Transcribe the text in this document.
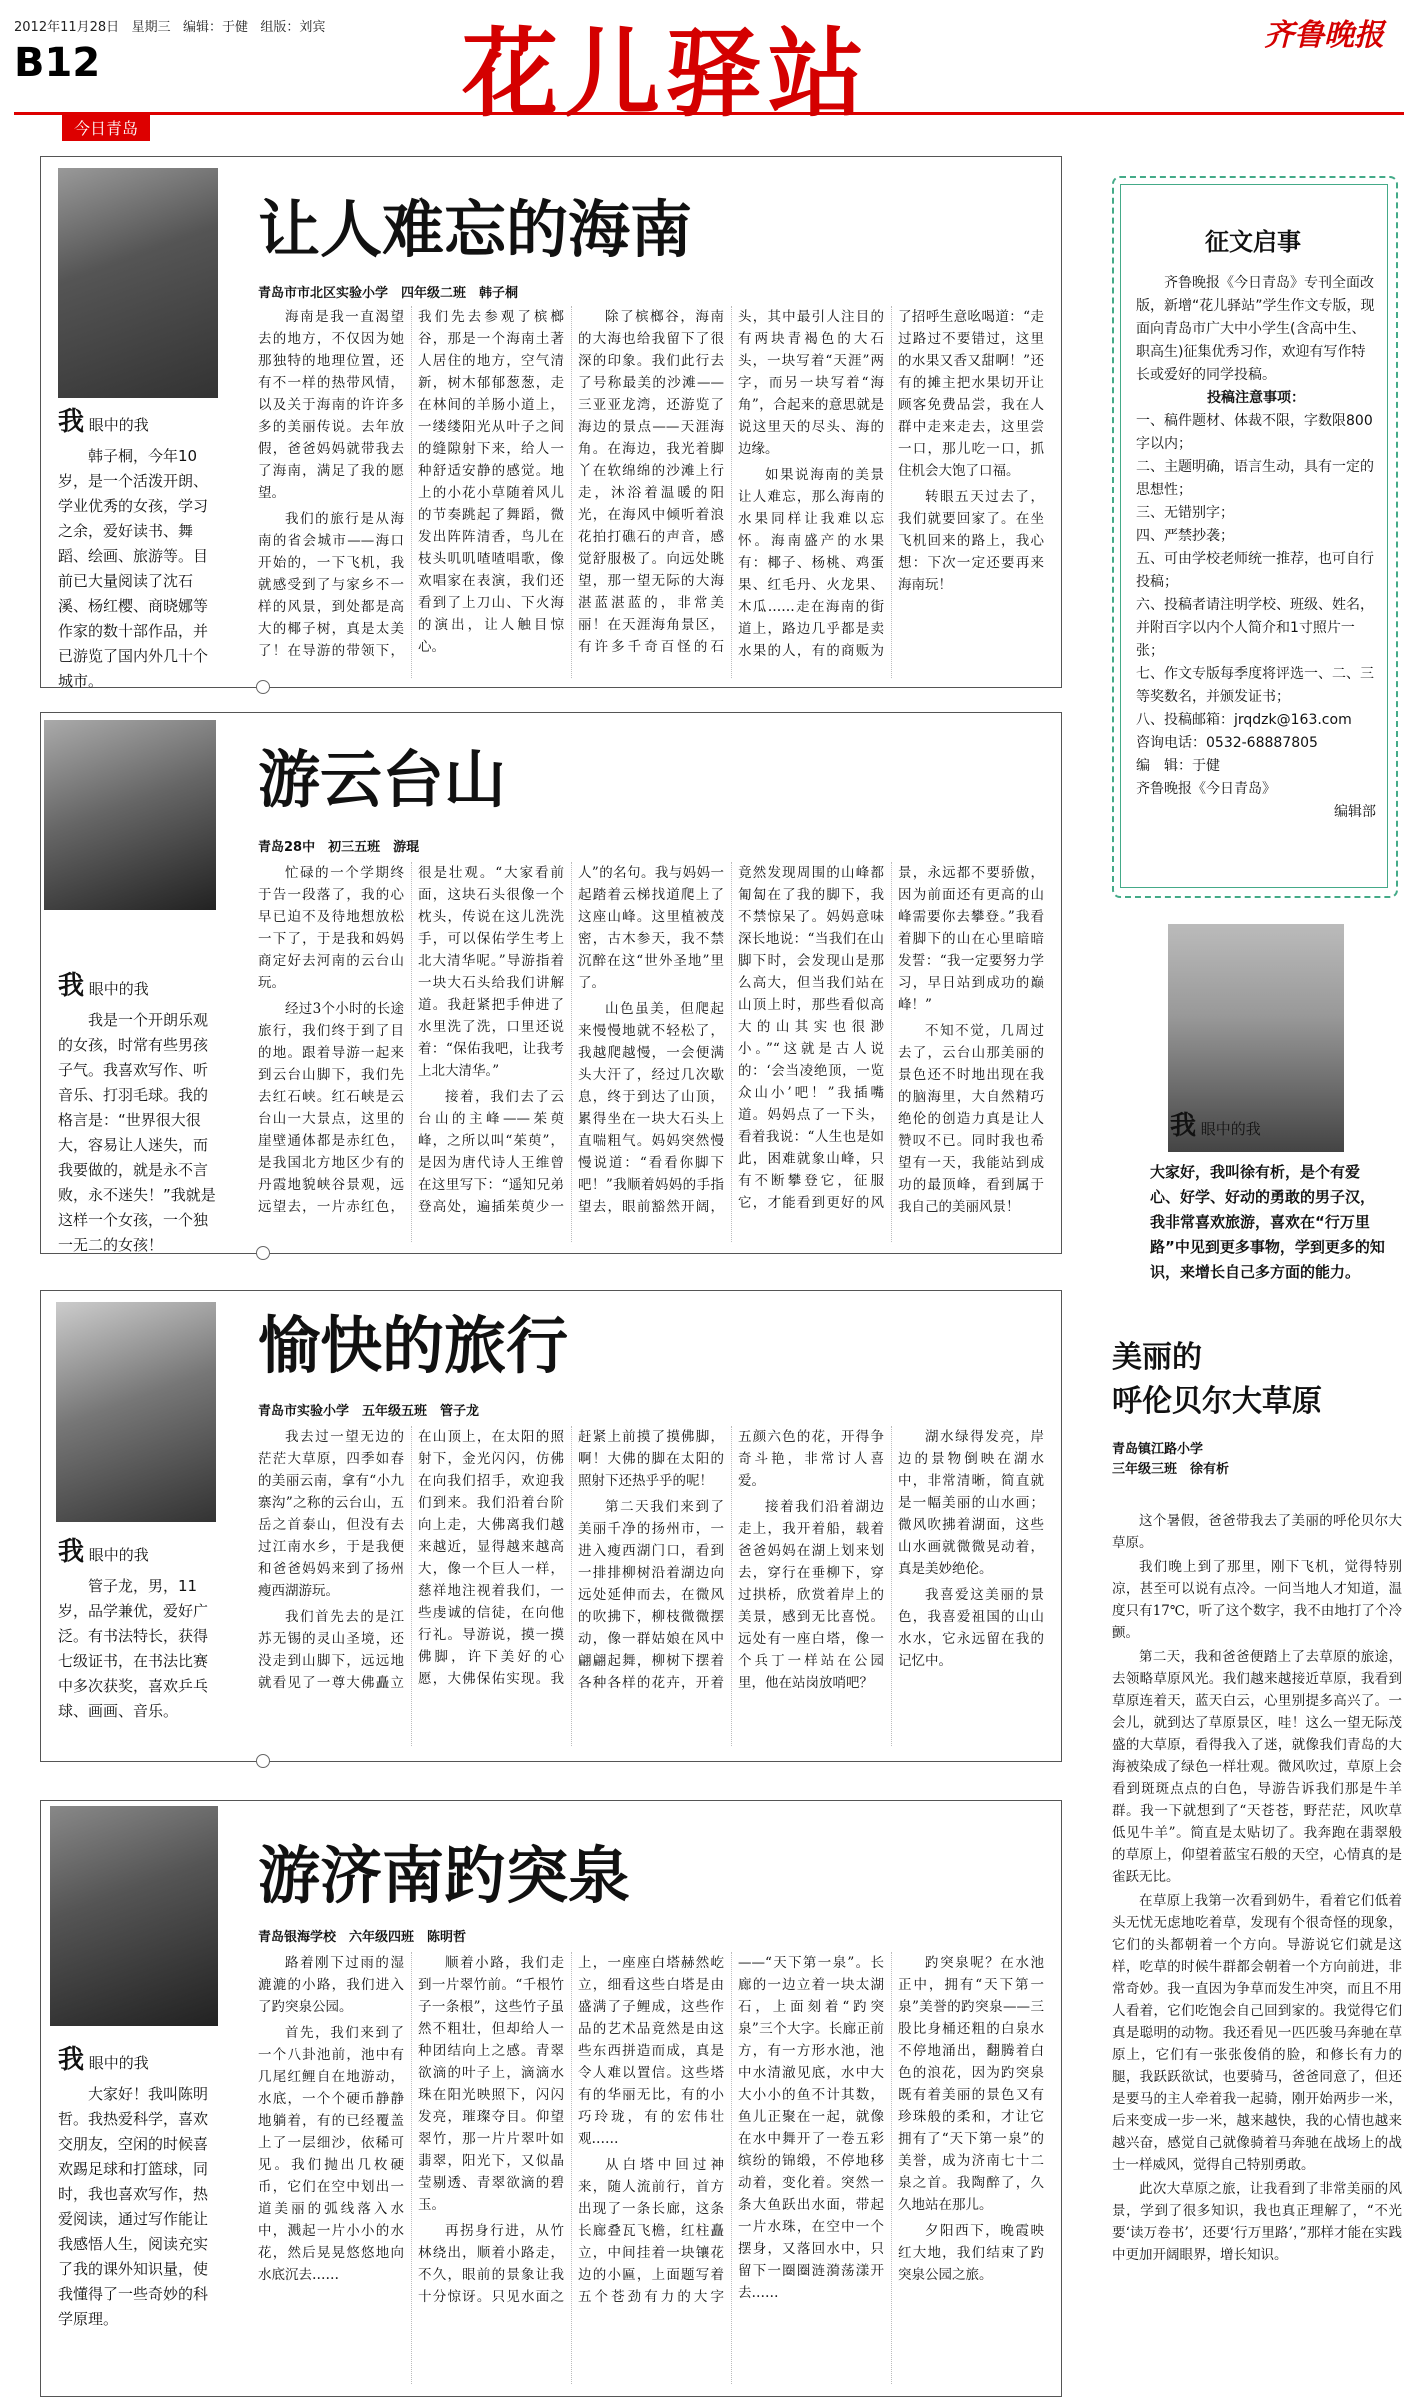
2012年11月28日 星期三 编辑：于健 组版：刘宾
B12
今日青岛	花儿驿站	齐鲁晚报
我 眼中的我
韩子桐，今年10岁，是一个活泼开朗、学业优秀的女孩，学习之余，爱好读书、舞蹈、绘画、旅游等。目前已大量阅读了沈石溪、杨红樱、商晓娜等作家的数十部作品，并已游览了国内外几十个城市。
让人难忘的海南
青岛市市北区实验小学　四年级二班　韩子桐

海南是我一直渴望去的地方，不仅因为她那独特的地理位置，还有不一样的热带风情，以及关于海南的许许多多的美丽传说。去年放假，爸爸妈妈就带我去了海南，满足了我的愿望。

我们的旅行是从海南的省会城市——海口开始的，一下飞机，我就感受到了与家乡不一样的风景，到处都是高大的椰子树，真是太美了！在导游的带领下，我们先去参观了槟榔谷，那是一个海南土著人居住的地方，空气清新，树木郁郁葱葱，走在林间的羊肠小道上，一缕缕阳光从叶子之间的缝隙射下来，给人一种舒适安静的感觉。地上的小花小草随着风儿的节奏跳起了舞蹈，微发出阵阵清香，鸟儿在枝头叽叽喳喳唱歌，像欢唱家在表演，我们还看到了上刀山、下火海的演出，让人触目惊心。

除了槟榔谷，海南的大海也给我留下了很深的印象。我们此行去了号称最美的沙滩——三亚亚龙湾，还游览了海边的景点——天涯海角。在海边，我光着脚丫在软绵绵的沙滩上行走，沐浴着温暖的阳光，在海风中倾听着浪花拍打礁石的声音，感觉舒服极了。向远处眺望，那一望无际的大海湛蓝湛蓝的，非常美丽！在天涯海角景区，有许多千奇百怪的石头，其中最引人注目的有两块青褐色的大石头，一块写着“天涯”两字，而另一块写着“海角”，合起来的意思就是说这里天的尽头、海的边缘。

如果说海南的美景让人难忘，那么海南的水果同样让我难以忘怀。海南盛产的水果有：椰子、杨桃、鸡蛋果、红毛丹、火龙果、木瓜……走在海南的街道上，路边几乎都是卖水果的人，有的商贩为了招呼生意吆喝道：“走过路过不要错过，这里的水果又香又甜啊！”还有的摊主把水果切开让顾客免费品尝，我在人群中走来走去，这里尝一口，那儿吃一口，抓住机会大饱了口福。

转眼五天过去了，我们就要回家了。在坐飞机回来的路上，我心想：下次一定还要再来海南玩！

我 眼中的我
我是一个开朗乐观的女孩，时常有些男孩子气。我喜欢写作、听音乐、打羽毛球。我的格言是：“世界很大很大，容易让人迷失，而我要做的，就是永不言败，永不迷失！”我就是这样一个女孩，一个独一无二的女孩！
游云台山
青岛28中　初三五班　游琨

忙碌的一个学期终于告一段落了，我的心早已迫不及待地想放松一下了，于是我和妈妈商定好去河南的云台山玩。

经过3个小时的长途旅行，我们终于到了目的地。跟着导游一起来到云台山脚下，我们先去红石峡。红石峡是云台山一大景点，这里的崖壁通体都是赤红色，是我国北方地区少有的丹霞地貌峡谷景观，远远望去，一片赤红色，很是壮观。“大家看前面，这块石头很像一个枕头，传说在这儿洗洗手，可以保佑学生考上北大清华呢。”导游指着一块大石头给我们讲解道。我赶紧把手伸进了水里洗了洗，口里还说着：“保佑我吧，让我考上北大清华。”

接着，我们去了云台山的主峰——茱萸峰，之所以叫“茱萸”，是因为唐代诗人王维曾在这里写下：“遥知兄弟登高处，遍插茱萸少一人”的名句。我与妈妈一起踏着云梯找道爬上了这座山峰。这里植被茂密，古木参天，我不禁沉醉在这“世外圣地”里了。

山色虽美，但爬起来慢慢地就不轻松了，我越爬越慢，一会便满头大汗了，经过几次歇息，终于到达了山顶，累得坐在一块大石头上直喘粗气。妈妈突然慢慢说道：“看看你脚下吧！”我顺着妈妈的手指望去，眼前豁然开阔，竟然发现周围的山峰都匍匐在了我的脚下，我不禁惊呆了。妈妈意味深长地说：“当我们在山脚下时，会发现山是那么高大，但当我们站在山顶上时，那些看似高大的山其实也很渺小。”“这就是古人说的：‘会当凌绝顶，一览众山小’吧！”我插嘴道。妈妈点了一下头，看着我说：“人生也是如此，困难就象山峰，只有不断攀登它，征服它，才能看到更好的风景，永远都不要骄傲，因为前面还有更高的山峰需要你去攀登。”我看着脚下的山在心里暗暗发誓：“我一定要努力学习，早日站到成功的巅峰！”

不知不觉，几周过去了，云台山那美丽的景色还不时地出现在我的脑海里，大自然精巧绝伦的创造力真是让人赞叹不已。同时我也希望有一天，我能站到成功的最顶峰，看到属于我自己的美丽风景！

我 眼中的我
管子龙，男，11岁，品学兼优，爱好广泛。有书法特长，获得七级证书，在书法比赛中多次获奖，喜欢乒乓球、画画、音乐。
愉快的旅行
青岛市实验小学　五年级五班　管子龙

我去过一望无边的茫茫大草原，四季如春的美丽云南，拿有“小九寨沟”之称的云台山，五岳之首泰山，但没有去过江南水乡，于是我便和爸爸妈妈来到了扬州瘦西湖游玩。

我们首先去的是江苏无锡的灵山圣境，还没走到山脚下，远远地就看见了一尊大佛矗立在山顶上，在太阳的照射下，金光闪闪，仿佛在向我们招手，欢迎我们到来。我们沿着台阶向上走，大佛离我们越来越近，显得越来越高大，像一个巨人一样，慈祥地注视着我们，一些虔诚的信徒，在向他行礼。导游说，摸一摸佛脚，许下美好的心愿，大佛保佑实现。我赶紧上前摸了摸佛脚，啊！大佛的脚在太阳的照射下还热乎乎的呢！

第二天我们来到了美丽千净的扬州市，一进入瘦西湖门口，看到一排排柳树沿着湖边向远处延伸而去，在微风的吹拂下，柳枝微微摆动，像一群姑娘在风中翩翩起舞，柳树下摆着各种各样的花卉，开着五颜六色的花，开得争奇斗艳，非常讨人喜爱。

接着我们沿着湖边走上，我开着船，载着爸爸妈妈在湖上划来划去，穿行在垂柳下，穿过拱桥，欣赏着岸上的美景，感到无比喜悦。远处有一座白塔，像一个兵丁一样站在公园里，他在站岗放哨吧？

湖水绿得发亮，岸边的景物倒映在湖水中，非常清晰，简直就是一幅美丽的山水画；微风吹拂着湖面，这些山水画就微微晃动着，真是美妙绝伦。

我喜爱这美丽的景色，我喜爱祖国的山山水水，它永远留在我的记忆中。

我 眼中的我
大家好！我叫陈明哲。我热爱科学，喜欢交朋友，空闲的时候喜欢踢足球和打篮球，同时，我也喜欢写作，热爱阅读，通过写作能让我感悟人生，阅读充实了我的课外知识量，使我懂得了一些奇妙的科学原理。
游济南趵突泉
青岛银海学校　六年级四班　陈明哲

路着刚下过雨的湿漉漉的小路，我们进入了趵突泉公园。

首先，我们来到了一个八卦池前，池中有几尾红鲤自在地游动，水底，一个个硬币静静地躺着，有的已经覆盖上了一层细沙，依稀可见。我们抛出几枚硬币，它们在空中划出一道美丽的弧线落入水中，溅起一片小小的水花，然后晃晃悠悠地向水底沉去……

顺着小路，我们走到一片翠竹前。“千根竹子一条根”，这些竹子虽然不粗壮，但却给人一种团结向上之感。青翠欲滴的叶子上，滴滴水珠在阳光映照下，闪闪发亮，璀璨夺目。仰望翠竹，那一片片翠叶如翡翠，阳光下，又似晶莹剔透、青翠欲滴的碧玉。

再拐身行进，从竹林绕出，顺着小路走，不久，眼前的景象让我十分惊讶。只见水面之上，一座座白塔赫然屹立，细看这些白塔是由盛满了子鲤成，这些作品的艺术品竟然是由这些东西拼造而成，真是令人难以置信。这些塔有的华丽无比，有的小巧玲珑，有的宏伟壮观……

从白塔中回过神来，随人流前行，首方出现了一条长廊，这条长廊叠瓦飞檐，红柱矗立，中间挂着一块镶花边的小匾，上面题写着五个苍劲有力的大字——“天下第一泉”。长廊的一边立着一块太湖石，上面刻着“趵突泉”三个大字。长廊正前方，有一方形水池，池中水清澈见底，水中大大小小的鱼不计其数，鱼儿正聚在一起，就像在水中舞开了一卷五彩缤纷的锦缎，不停地移动着，变化着。突然一条大鱼跃出水面，带起一片水珠，在空中一个摆身，又落回水中，只留下一圈圈涟漪荡漾开去……

趵突泉呢？在水池正中，拥有“天下第一泉”美誉的趵突泉——三股比身桶还粗的白泉水不停地涌出，翻腾着白色的浪花，因为趵突泉既有着美丽的景色又有珍珠般的柔和，才让它拥有了“天下第一泉”的美誉，成为济南七十二泉之首。我陶醉了，久久地站在那儿。

夕阳西下，晚霞映红大地，我们结束了趵突泉公园之旅。

征文启事
齐鲁晚报《今日青岛》专刊全面改版，新增“花儿驿站”学生作文专版，现面向青岛市广大中小学生(含高中生、职高生)征集优秀习作，欢迎有写作特长或爱好的同学投稿。
投稿注意事项：
一、稿件题材、体裁不限，字数限800字以内；
二、主题明确，语言生动，具有一定的思想性；
三、无错别字；
四、严禁抄袭；
五、可由学校老师统一推荐，也可自行投稿；
六、投稿者请注明学校、班级、姓名，并附百字以内个人简介和1寸照片一张；
七、作文专版每季度将评选一、二、三等奖数名，并颁发证书；
八、投稿邮箱：jrqdzk@163.com
咨询电话：0532-68887805
编　辑：于健
齐鲁晚报《今日青岛》
编辑部
我 眼中的我
大家好，我叫徐有析，是个有爱心、好学、好动的勇敢的男子汉，我非常喜欢旅游，喜欢在“行万里路”中见到更多事物，学到更多的知识，来增长自己多方面的能力。
美丽的
呼伦贝尔大草原
青岛镇江路小学
三年级三班　徐有析

这个暑假，爸爸带我去了美丽的呼伦贝尔大草原。

我们晚上到了那里，刚下飞机，觉得特别凉，甚至可以说有点冷。一问当地人才知道，温度只有17℃，听了这个数字，我不由地打了个冷颤。

第二天，我和爸爸便踏上了去草原的旅途，去领略草原风光。我们越来越接近草原，我看到草原连着天，蓝天白云，心里别提多高兴了。一会儿，就到达了草原景区，哇！这么一望无际茂盛的大草原，看得我入了迷，就像我们青岛的大海被染成了绿色一样壮观。微风吹过，草原上会看到斑斑点点的白色，导游告诉我们那是牛羊群。我一下就想到了“天苍苍，野茫茫，风吹草低见牛羊”。简直是太贴切了。我奔跑在翡翠般的草原上，仰望着蓝宝石般的天空，心情真的是雀跃无比。

在草原上我第一次看到奶牛，看着它们低着头无忧无虑地吃着草，发现有个很奇怪的现象，它们的头都朝着一个方向。导游说它们就是这样，吃草的时候牛群都会朝着一个方向前进，非常奇妙。我一直因为争草而发生冲突，而且不用人看着，它们吃饱会自己回到家的。我觉得它们真是聪明的动物。我还看见一匹匹骏马奔驰在草原上，它们有一张张俊俏的脸，和修长有力的腿，我跃跃欲试，也要骑马，爸爸同意了，但还是要马的主人牵着我一起骑，刚开始两步一米，后来变成一步一米，越来越快，我的心情也越来越兴奋，感觉自己就像骑着马奔驰在战场上的战士一样威风，觉得自己特别勇敢。

此次大草原之旅，让我看到了非常美丽的风景，学到了很多知识，我也真正理解了，“不光要‘读万卷书’，还要‘行万里路’，”那样才能在实践中更加开阔眼界，增长知识。
